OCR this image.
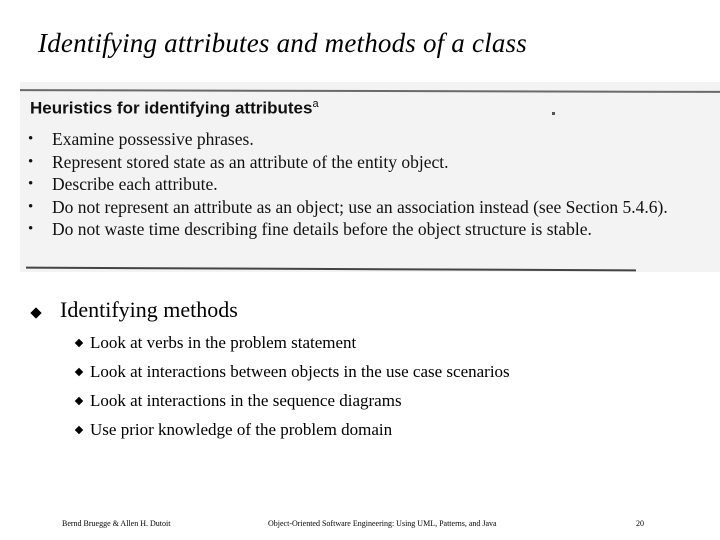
Identifying attributes and methods of a class
Heuristics for identifying attributes$^a$
• Examine possessive phrases.
• Represent stored state as an attribute of the entity object.
• Describe each attribute.
• Do not represent an attribute as an object; use an association instead (see Section 5.4.6).
• Do not waste time describing fine details before the object structure is stable.
Identifying methods
Look at verbs in the problem statement
Look at interactions between objects in the use case scenarios
Look at interactions in the sequence diagrams
Use prior knowledge of the problem domain
Bernd Bruegge & Allen H. Dutoit	Object-Oriented Software Engineering: Using UML, Patterns, and Java	20
